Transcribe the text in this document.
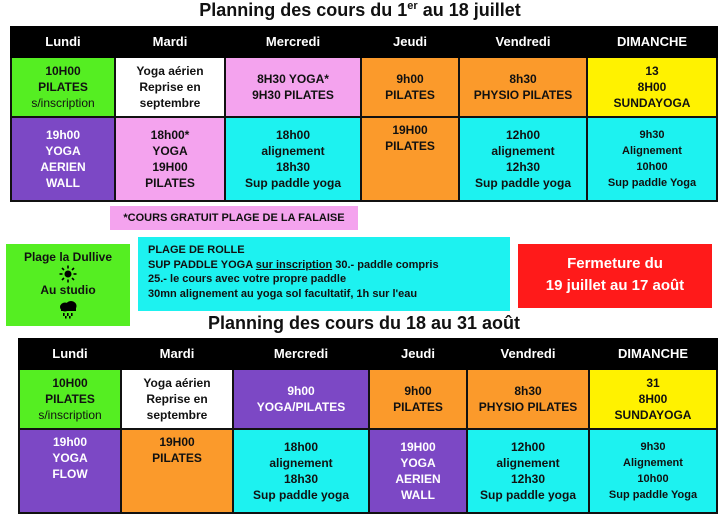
Planning des cours du 1er au 18 juillet
Lundi	Mardi	Mercredi	Jeudi	Vendredi	DIMANCHE

10H00
PILATES
s/inscription	Yoga aérien
Reprise en
septembre	8H30 YOGA*
9H30 PILATES	9h00
PILATES	8h30
PHYSIO PILATES	13
8H00
SUNDAYOGA

19h00
YOGA
AERIEN
WALL	18h00*
YOGA
19H00
PILATES	18h00
alignement
18h30
Sup paddle yoga	19H00
PILATES	12h00
alignement
12h30
Sup paddle yoga	9h30
Alignement
10h00
Sup paddle Yoga
*COURS GRATUIT PLAGE DE LA FALAISE
Plage la Dullive
Au studio
PLAGE DE ROLLE
SUP PADDLE YOGA sur inscription 30.- paddle compris
25.- le cours avec votre propre paddle
30mn alignement au yoga sol facultatif, 1h sur l'eau
Fermeture du
19 juillet au 17 août
Planning des cours du 18 au 31 août
Lundi	Mardi	Mercredi	Jeudi	Vendredi	DIMANCHE

10H00
PILATES
s/inscription	Yoga aérien
Reprise en
septembre	9h00
YOGA/PILATES	9h00
PILATES	8h30
PHYSIO PILATES	31
8H00
SUNDAYOGA

19h00
YOGA
FLOW	19H00
PILATES	18h00
alignement
18h30
Sup paddle yoga	19H00
YOGA
AERIEN
WALL	12h00
alignement
12h30
Sup paddle yoga	9h30
Alignement
10h00
Sup paddle Yoga
